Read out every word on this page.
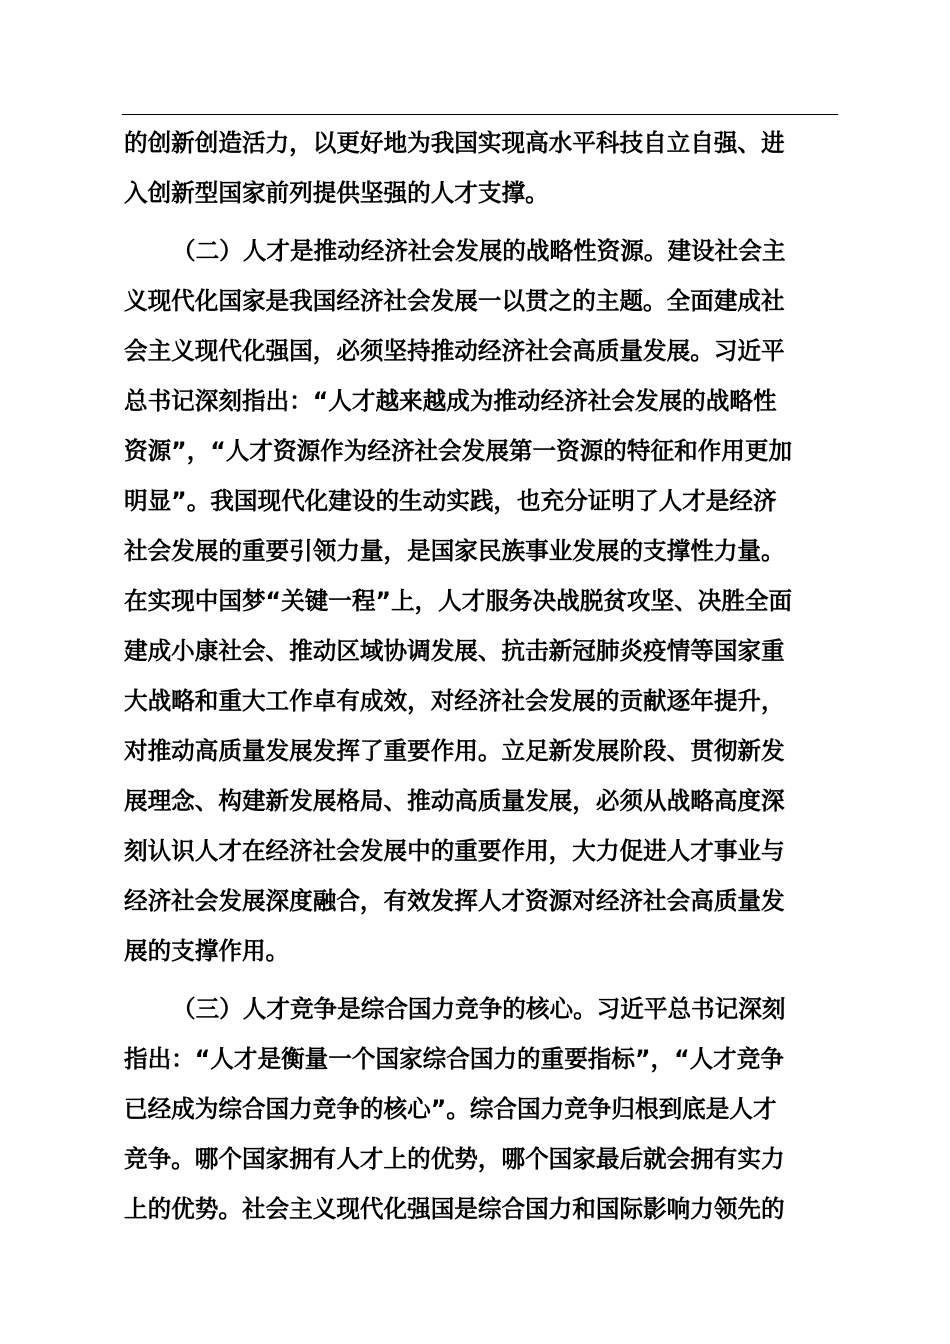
的创新创造活力，以更好地为我国实现高水平科技自立自强、进
入创新型国家前列提供坚强的人才支撑。
（二）人才是推动经济社会发展的战略性资源。建设社会主
义现代化国家是我国经济社会发展一以贯之的主题。全面建成社
会主义现代化强国，必须坚持推动经济社会高质量发展。习近平
总书记深刻指出：“人才越来越成为推动经济社会发展的战略性
资源”，“人才资源作为经济社会发展第一资源的特征和作用更加
明显”。我国现代化建设的生动实践，也充分证明了人才是经济
社会发展的重要引领力量，是国家民族事业发展的支撑性力量。
在实现中国梦“关键一程”上，人才服务决战脱贫攻坚、决胜全面
建成小康社会、推动区域协调发展、抗击新冠肺炎疫情等国家重
大战略和重大工作卓有成效，对经济社会发展的贡献逐年提升，
对推动高质量发展发挥了重要作用。立足新发展阶段、贯彻新发
展理念、构建新发展格局、推动高质量发展，必须从战略高度深
刻认识人才在经济社会发展中的重要作用，大力促进人才事业与
经济社会发展深度融合，有效发挥人才资源对经济社会高质量发
展的支撑作用。
（三）人才竞争是综合国力竞争的核心。习近平总书记深刻
指出：“人才是衡量一个国家综合国力的重要指标”，“人才竞争
已经成为综合国力竞争的核心”。综合国力竞争归根到底是人才
竞争。哪个国家拥有人才上的优势，哪个国家最后就会拥有实力
上的优势。社会主义现代化强国是综合国力和国际影响力领先的
